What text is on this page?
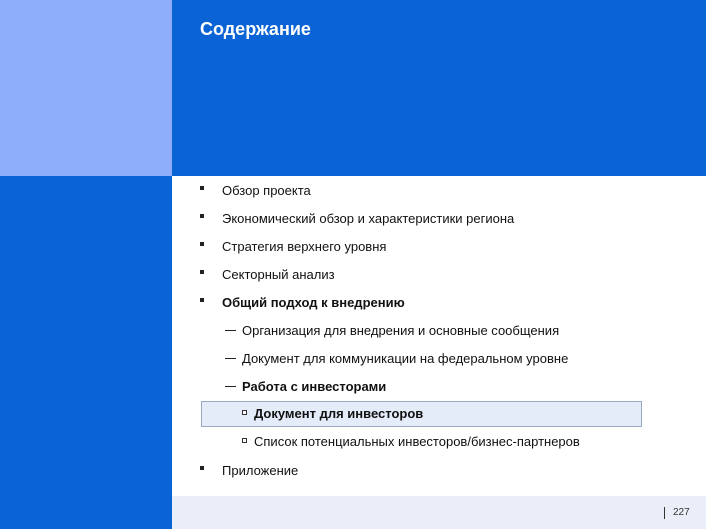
Содержание
Обзор проекта
Экономический обзор и характеристики региона
Стратегия верхнего уровня
Секторный анализ
Общий подход к внедрению
Организация для внедрения и основные сообщения
Документ для коммуникации на федеральном уровне
Работа с инвесторами
Документ для инвесторов
Список потенциальных инвесторов/бизнес-партнеров
Приложение
227
